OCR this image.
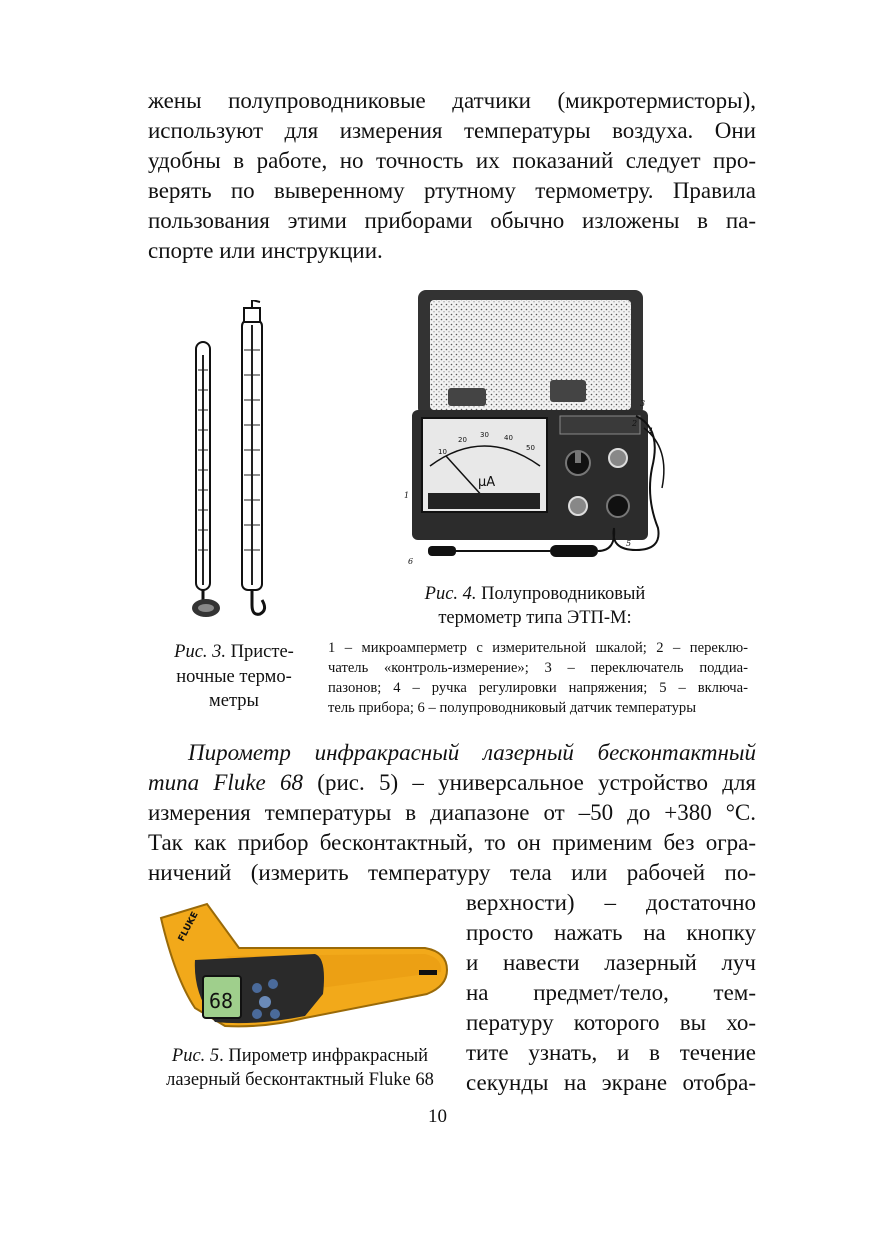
жены полупроводниковые датчики (микротермисторы),
используют для измерения температуры воздуха. Они
удобны в работе, но точность их показаний следует про-
верять по выверенному ртутному термометру. Правила
пользования этими приборами обычно изложены в па-
спорте или инструкции.
Рис. 3. Присте-
ночные термо-
метры
10
20
30 40
50
μA
1
2
3
4
5
6
Рис. 4. Полупроводниковый
термометр типа ЭТП-М:
1 – микроамперметр с измерительной шкалой; 2 – переклю-
чатель «контроль-измерение»; 3 – переключатель поддиа-
пазонов; 4 – ручка регулировки напряжения; 5 – включа-
тель прибора; 6 – полупроводниковый датчик температуры
Пирометр инфракрасный лазерный бесконтактный
типа Fluke 68 (рис. 5) – универсальное устройство для
измерения температуры в диапазоне от –50 до +380 °С.
Так как прибор бесконтактный, то он применим без огра-
ничений (измерить температуру тела или рабочей по-
верхности) – достаточно
просто нажать на кнопку
и навести лазерный луч
на предмет/тело, тем-
пературу которого вы хо-
тите узнать, и в течение
секунды на экране отобра-
68
FLUKE
Рис. 5. Пирометр инфракрасный
лазерный бесконтактный Fluke 68
10
